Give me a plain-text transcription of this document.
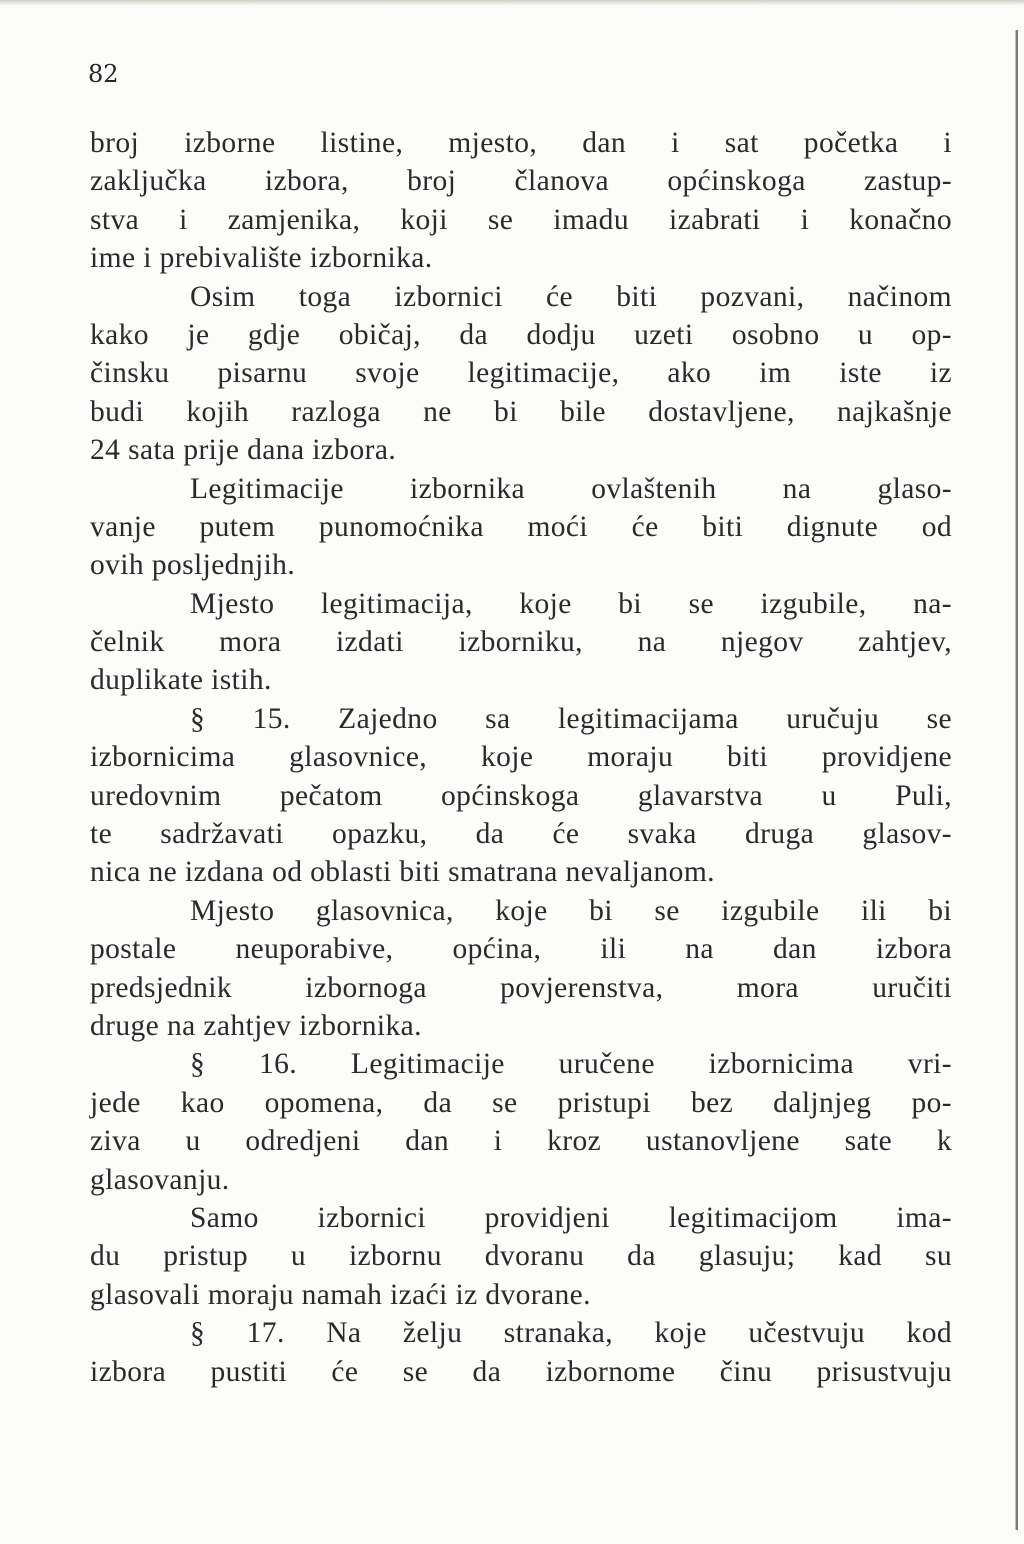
82
broj izborne listine, mjesto, dan i sat početka i
zaključka izbora, broj članova općinskoga zastup-
stva i zamjenika, koji se imadu izabrati i konačno
ime i prebivalište izbornika.
Osim toga izbornici će biti pozvani, načinom
kako je gdje običaj, da dodju uzeti osobno u op-
činsku pisarnu svoje legitimacije, ako im iste iz
budi kojih razloga ne bi bile dostavljene, najkašnje
24 sata prije dana izbora.
Legitimacije izbornika ovlaštenih na glaso-
vanje putem punomoćnika moći će biti dignute od
ovih posljednjih.
Mjesto legitimacija, koje bi se izgubile, na-
čelnik mora izdati izborniku, na njegov zahtjev,
duplikate istih.
§ 15. Zajedno sa legitimacijama uručuju se
izbornicima glasovnice, koje moraju biti providjene
uredovnim pečatom općinskoga glavarstva u Puli,
te sadržavati opazku, da će svaka druga glasov-
nica ne izdana od oblasti biti smatrana nevaljanom.
Mjesto glasovnica, koje bi se izgubile ili bi
postale neuporabive, općina, ili na dan izbora
predsjednik izbornoga povjerenstva, mora uručiti
druge na zahtjev izbornika.
§ 16. Legitimacije uručene izbornicima vri-
jede kao opomena, da se pristupi bez daljnjeg po-
ziva u odredjeni dan i kroz ustanovljene sate k
glasovanju.
Samo izbornici providjeni legitimacijom ima-
du pristup u izbornu dvoranu da glasuju; kad su
glasovali moraju namah izaći iz dvorane.
§ 17. Na želju stranaka, koje učestvuju kod
izbora pustiti će se da izbornome činu prisustvuju
